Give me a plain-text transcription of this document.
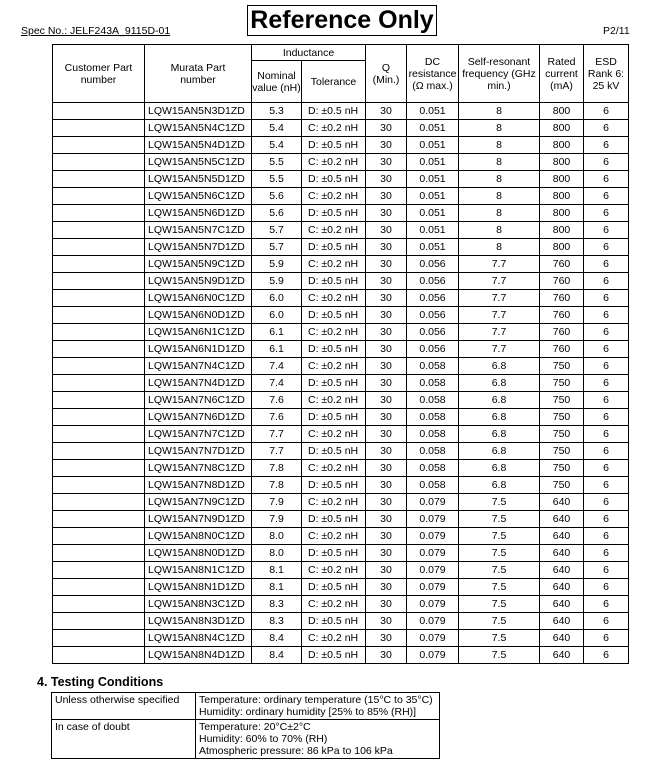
Spec No.: JELF243A_9115D-01	Reference Only	P2/11
Customer Part number	Murata Part number	Inductance		Q (Min.)	DC resistance (Ω max.)	Self-resonant frequency (GHz min.)	Rated current (mA)	ESD Rank 6: 25 kV
		Nominal value (nH)	Tolerance					
	LQW15AN5N3D1ZD	5.3	D: ±0.5 nH	30	0.051	8	800	6
	LQW15AN5N4C1ZD	5.4	C: ±0.2 nH	30	0.051	8	800	6
	LQW15AN5N4D1ZD	5.4	D: ±0.5 nH	30	0.051	8	800	6
	LQW15AN5N5C1ZD	5.5	C: ±0.2 nH	30	0.051	8	800	6
	LQW15AN5N5D1ZD	5.5	D: ±0.5 nH	30	0.051	8	800	6
	LQW15AN5N6C1ZD	5.6	C: ±0.2 nH	30	0.051	8	800	6
	LQW15AN5N6D1ZD	5.6	D: ±0.5 nH	30	0.051	8	800	6
	LQW15AN5N7C1ZD	5.7	C: ±0.2 nH	30	0.051	8	800	6
	LQW15AN5N7D1ZD	5.7	D: ±0.5 nH	30	0.051	8	800	6
	LQW15AN5N9C1ZD	5.9	C: ±0.2 nH	30	0.056	7.7	760	6
	LQW15AN5N9D1ZD	5.9	D: ±0.5 nH	30	0.056	7.7	760	6
	LQW15AN6N0C1ZD	6.0	C: ±0.2 nH	30	0.056	7.7	760	6
	LQW15AN6N0D1ZD	6.0	D: ±0.5 nH	30	0.056	7.7	760	6
	LQW15AN6N1C1ZD	6.1	C: ±0.2 nH	30	0.056	7.7	760	6
	LQW15AN6N1D1ZD	6.1	D: ±0.5 nH	30	0.056	7.7	760	6
	LQW15AN7N4C1ZD	7.4	C: ±0.2 nH	30	0.058	6.8	750	6
	LQW15AN7N4D1ZD	7.4	D: ±0.5 nH	30	0.058	6.8	750	6
	LQW15AN7N6C1ZD	7.6	C: ±0.2 nH	30	0.058	6.8	750	6
	LQW15AN7N6D1ZD	7.6	D: ±0.5 nH	30	0.058	6.8	750	6
	LQW15AN7N7C1ZD	7.7	C: ±0.2 nH	30	0.058	6.8	750	6
	LQW15AN7N7D1ZD	7.7	D: ±0.5 nH	30	0.058	6.8	750	6
	LQW15AN7N8C1ZD	7.8	C: ±0.2 nH	30	0.058	6.8	750	6
	LQW15AN7N8D1ZD	7.8	D: ±0.5 nH	30	0.058	6.8	750	6
	LQW15AN7N9C1ZD	7.9	C: ±0.2 nH	30	0.079	7.5	640	6
	LQW15AN7N9D1ZD	7.9	D: ±0.5 nH	30	0.079	7.5	640	6
	LQW15AN8N0C1ZD	8.0	C: ±0.2 nH	30	0.079	7.5	640	6
	LQW15AN8N0D1ZD	8.0	D: ±0.5 nH	30	0.079	7.5	640	6
	LQW15AN8N1C1ZD	8.1	C: ±0.2 nH	30	0.079	7.5	640	6
	LQW15AN8N1D1ZD	8.1	D: ±0.5 nH	30	0.079	7.5	640	6
	LQW15AN8N3C1ZD	8.3	C: ±0.2 nH	30	0.079	7.5	640	6
	LQW15AN8N3D1ZD	8.3	D: ±0.5 nH	30	0.079	7.5	640	6
	LQW15AN8N4C1ZD	8.4	C: ±0.2 nH	30	0.079	7.5	640	6
	LQW15AN8N4D1ZD	8.4	D: ±0.5 nH	30	0.079	7.5	640	6
4. Testing Conditions
Unless otherwise specified	Temperature: ordinary temperature (15°C to 35°C)
Humidity: ordinary humidity [25% to 85% (RH)]

In case of doubt	Temperature: 20°C±2°C
Humidity: 60% to 70% (RH)
Atmospheric pressure: 86 kPa to 106 kPa
